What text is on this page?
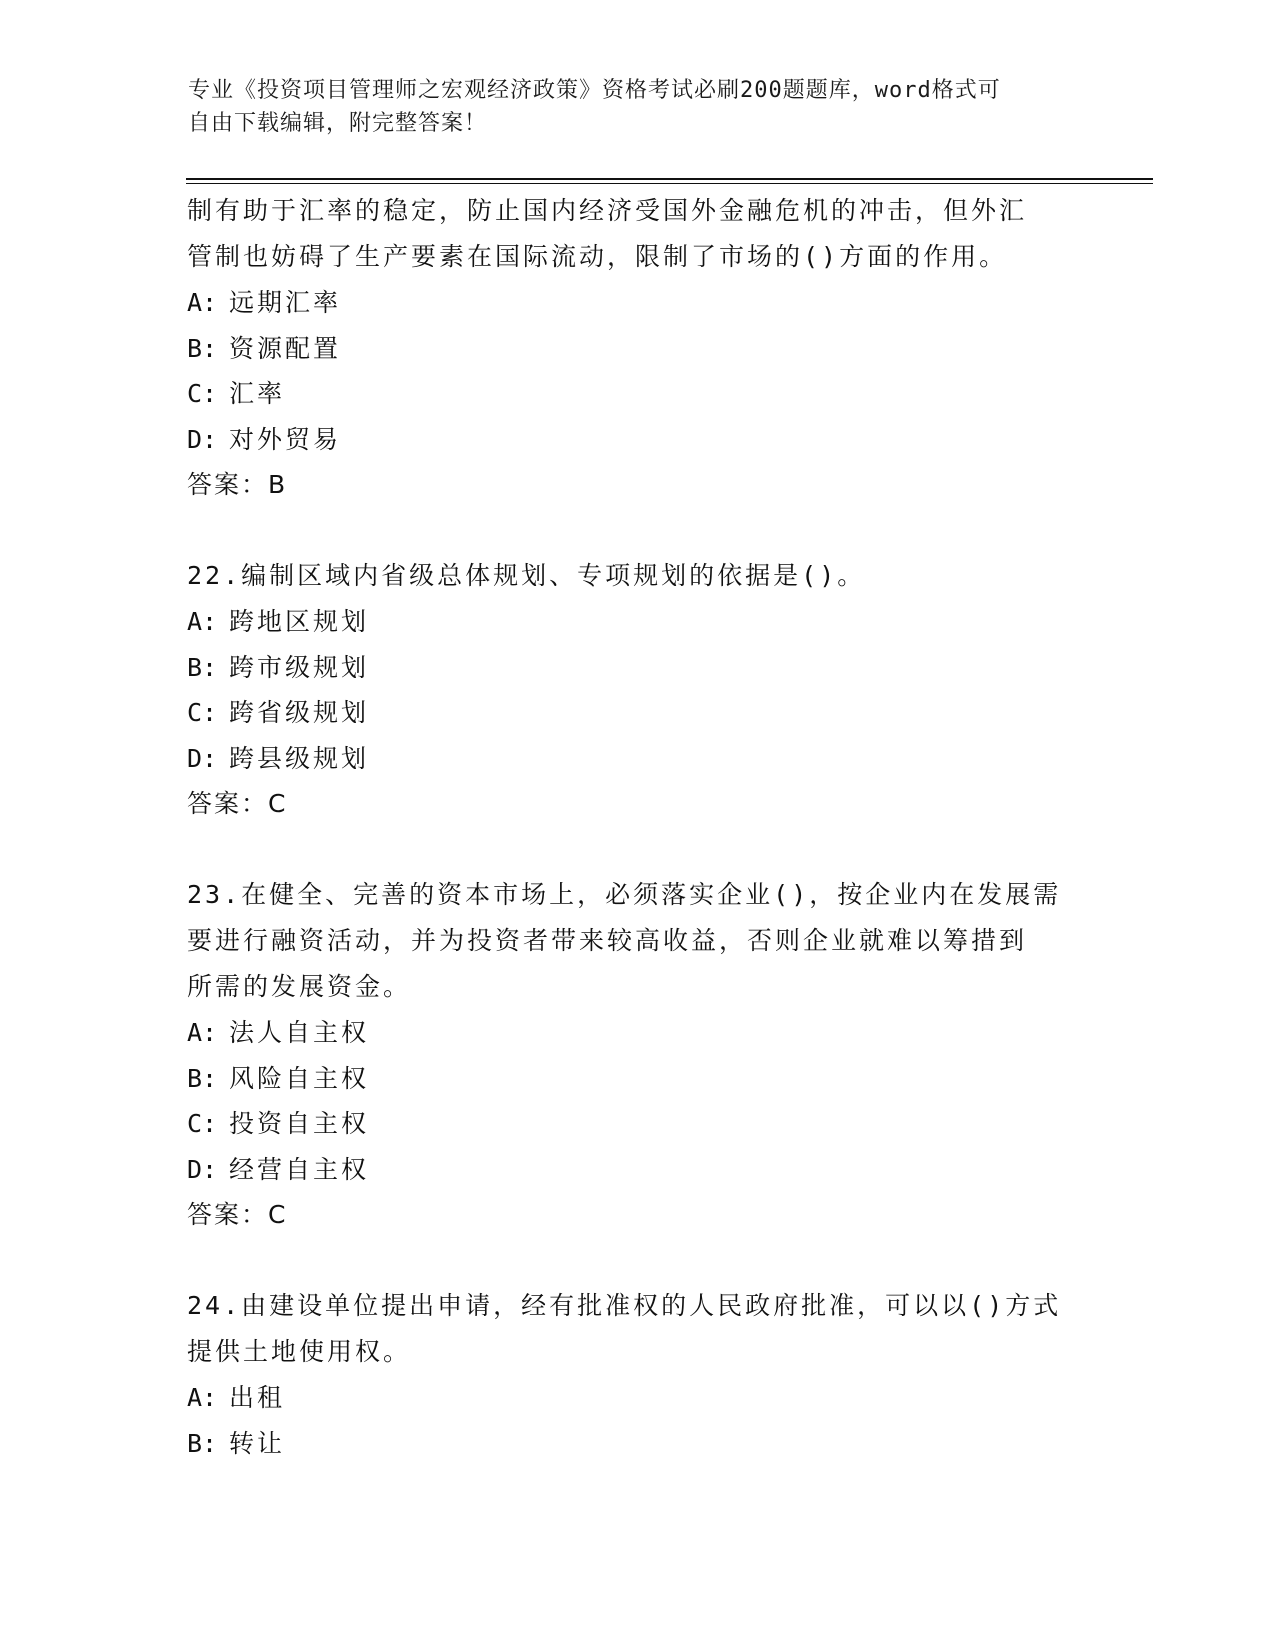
专业《投资项目管理师之宏观经济政策》资格考试必刷200题题库，word格式可
自由下载编辑，附完整答案！

制有助于汇率的稳定，防止国内经济受国外金融危机的冲击，但外汇
管制也妨碍了生产要素在国际流动，限制了市场的()方面的作用。

A: 远期汇率
B: 资源配置
C: 汇率
D: 对外贸易
答案：B

22.编制区域内省级总体规划、专项规划的依据是()。

A: 跨地区规划
B: 跨市级规划
C: 跨省级规划
D: 跨县级规划
答案：C

23.在健全、完善的资本市场上，必须落实企业()，按企业内在发展需
要进行融资活动，并为投资者带来较高收益，否则企业就难以筹措到
所需的发展资金。

A: 法人自主权
B: 风险自主权
C: 投资自主权
D: 经营自主权
答案：C

24.由建设单位提出申请，经有批准权的人民政府批准，可以以()方式
提供土地使用权。

A: 出租
B: 转让
